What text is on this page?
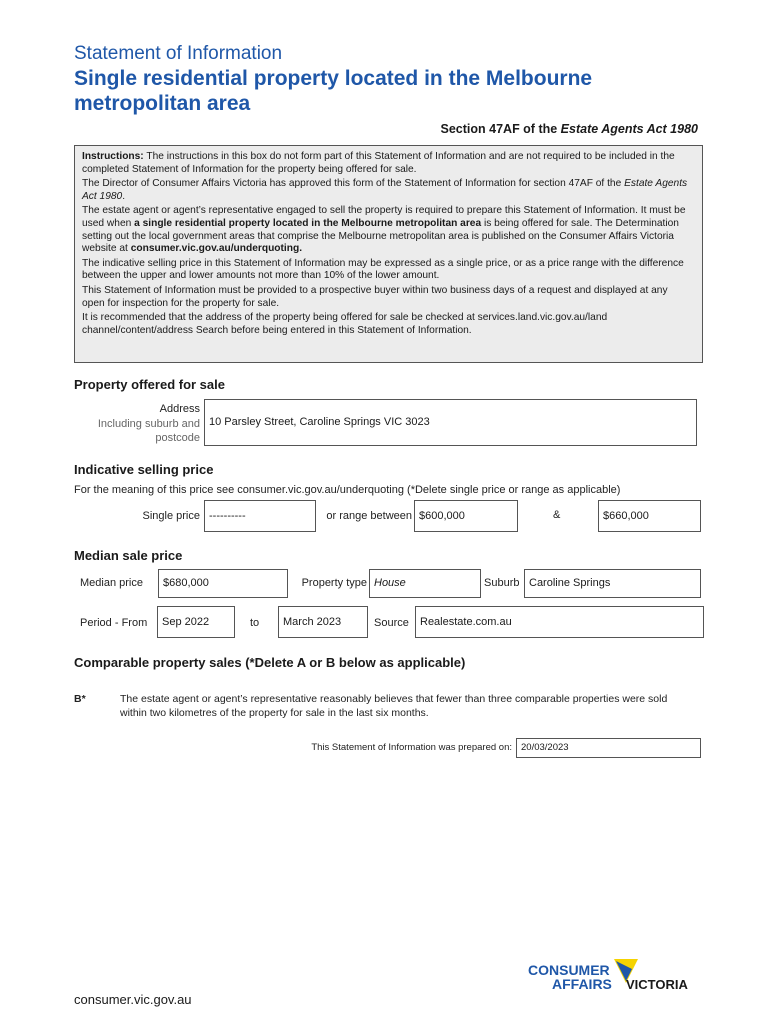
Statement of Information
Single residential property located in the Melbourne metropolitan area
Section 47AF of the Estate Agents Act 1980

Instructions: The instructions in this box do not form part of this Statement of Information and are not required to be included in the completed Statement of Information for the property being offered for sale.

The Director of Consumer Affairs Victoria has approved this form of the Statement of Information for section 47AF of the Estate Agents Act 1980.

The estate agent or agent’s representative engaged to sell the property is required to prepare this Statement of Information. It must be used when a single residential property located in the Melbourne metropolitan area is being offered for sale. The Determination setting out the local government areas that comprise the Melbourne metropolitan area is published on the Consumer Affairs Victoria website at consumer.vic.gov.au/underquoting.

The indicative selling price in this Statement of Information may be expressed as a single price, or as a price range with the difference between the upper and lower amounts not more than 10% of the lower amount.

This Statement of Information must be provided to a prospective buyer within two business days of a request and displayed at any open for inspection for the property for sale.

It is recommended that the address of the property being offered for sale be checked at services.land.vic.gov.au/land channel/content/address Search before being entered in this Statement of Information.

Property offered for sale
Address
Including suburb and
postcode
10 Parsley Street, Caroline Springs VIC 3023
Indicative selling price
For the meaning of this price see consumer.vic.gov.au/underquoting (*Delete single price or range as applicable)
Single price ----------	or range between $600,000	&	$660,000
Median sale price
Median price	$680,000	Property type House	Suburb Caroline Springs
Period - From	Sep 2022	to	March 2023	Source	Realestate.com.au
Comparable property sales (*Delete A or B below as applicable)
B*	The estate agent or agent’s representative reasonably believes that fewer than three comparable properties were sold within two kilometres of the property for sale in the last six months.
This Statement of Information was prepared on: 20/03/2023
CONSUMER
AFFAIRS VICTORIA
consumer.vic.gov.au
